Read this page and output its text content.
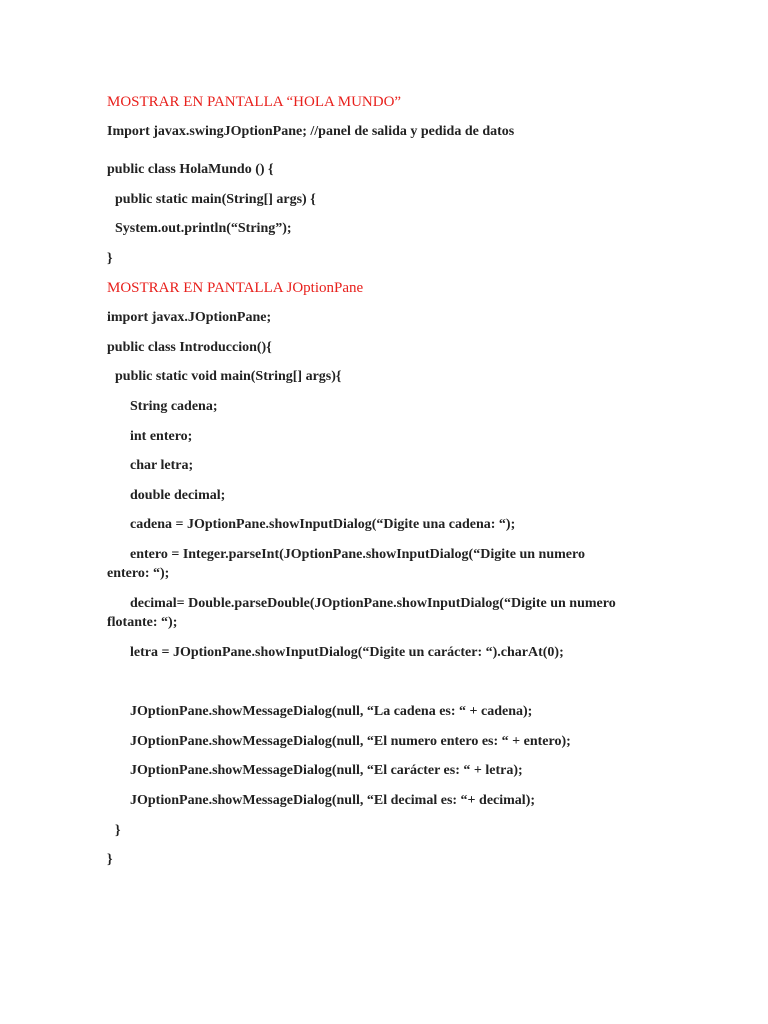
MOSTRAR EN PANTALLA “HOLA MUNDO”
Import javax.swingJOptionPane; //panel de salida y pedida de datos
public class HolaMundo () {
public static main(String[] args) {
System.out.println(“String”);
}
MOSTRAR EN PANTALLA JOptionPane
import javax.JOptionPane;
public class Introduccion(){
public static void main(String[] args){
String cadena;
int entero;
char letra;
double decimal;
cadena = JOptionPane.showInputDialog(“Digite una cadena: “);
entero = Integer.parseInt(JOptionPane.showInputDialog(“Digite un numero
entero: “);
decimal= Double.parseDouble(JOptionPane.showInputDialog(“Digite un numero
flotante: “);
letra = JOptionPane.showInputDialog(“Digite un carácter: “).charAt(0);
JOptionPane.showMessageDialog(null, “La cadena es: “ + cadena);
JOptionPane.showMessageDialog(null, “El numero entero es: “ + entero);
JOptionPane.showMessageDialog(null, “El carácter es: “ + letra);
JOptionPane.showMessageDialog(null, “El decimal es: “+ decimal);
}
}
